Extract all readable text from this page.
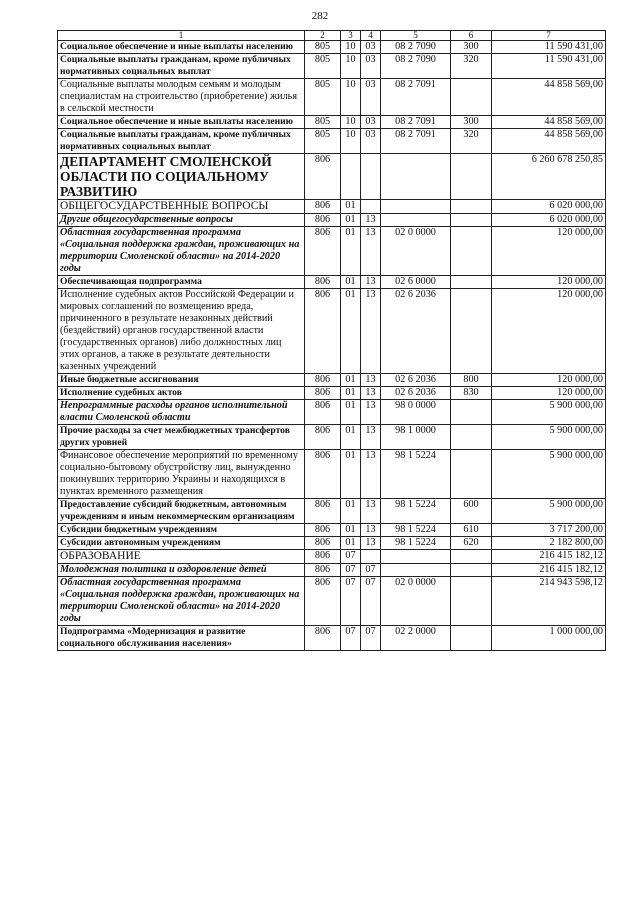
282
1	2	3	4	5	6	7
Социальное обеспечение и иные выплаты населению	805	10	03	08 2 7090	300	11 590 431,00
Социальные выплаты гражданам, кроме публичных нормативных социальных выплат	805	10	03	08 2 7090	320	11 590 431,00
Социальные выплаты молодым семьям и молодым специалистам на строительство (приобретение) жилья в сельской местности	805	10	03	08 2 7091		44 858 569,00
Социальное обеспечение и иные выплаты населению	805	10	03	08 2 7091	300	44 858 569,00
Социальные выплаты гражданам, кроме публичных нормативных социальных выплат	805	10	03	08 2 7091	320	44 858 569,00
ДЕПАРТАМЕНТ СМОЛЕНСКОЙ ОБЛАСТИ ПО СОЦИАЛЬНОМУ РАЗВИТИЮ	806					6 260 678 250,85
ОБЩЕГОСУДАРСТВЕННЫЕ ВОПРОСЫ	806	01				6 020 000,00
Другие общегосударственные вопросы	806	01	13			6 020 000,00
Областная государственная программа «Социальная поддержка граждан, проживающих на территории Смоленской области» на 2014-2020 годы	806	01	13	02 0 0000		120 000,00
Обеспечивающая подпрограмма	806	01	13	02 6 0000		120 000,00
Исполнение судебных актов Российской Федерации и мировых соглашений по возмещению вреда, причиненного в результате незаконных действий (бездействий) органов государственной власти (государственных органов) либо должностных лиц этих органов, а также в результате деятельности казенных учреждений	806	01	13	02 6 2036		120 000,00
Иные бюджетные ассигнования	806	01	13	02 6 2036	800	120 000,00
Исполнение судебных актов	806	01	13	02 6 2036	830	120 000,00
Непрограммные расходы органов исполнительной власти Смоленской области	806	01	13	98 0 0000		5 900 000,00
Прочие расходы за счет межбюджетных трансфертов других уровней	806	01	13	98 1 0000		5 900 000,00
Финансовое обеспечение мероприятий по временному социально-бытовому обустройству лиц, вынужденно покинувших территорию Украины и находящихся в пунктах временного размещения	806	01	13	98 1 5224		5 900 000,00
Предоставление субсидий бюджетным, автономным учреждениям и иным некоммерческим организациям	806	01	13	98 1 5224	600	5 900 000,00
Субсидии бюджетным учреждениям	806	01	13	98 1 5224	610	3 717 200,00
Субсидии автономным учреждениям	806	01	13	98 1 5224	620	2 182 800,00
ОБРАЗОВАНИЕ	806	07				216 415 182,12
Молодежная политика и оздоровление детей	806	07	07			216 415 182,12
Областная государственная программа «Социальная поддержка граждан, проживающих на территории Смоленской области» на 2014-2020 годы	806	07	07	02 0 0000		214 943 598,12
Подпрограмма «Модернизация и развитие социального обслуживания населения»	806	07	07	02 2 0000		1 000 000,00
